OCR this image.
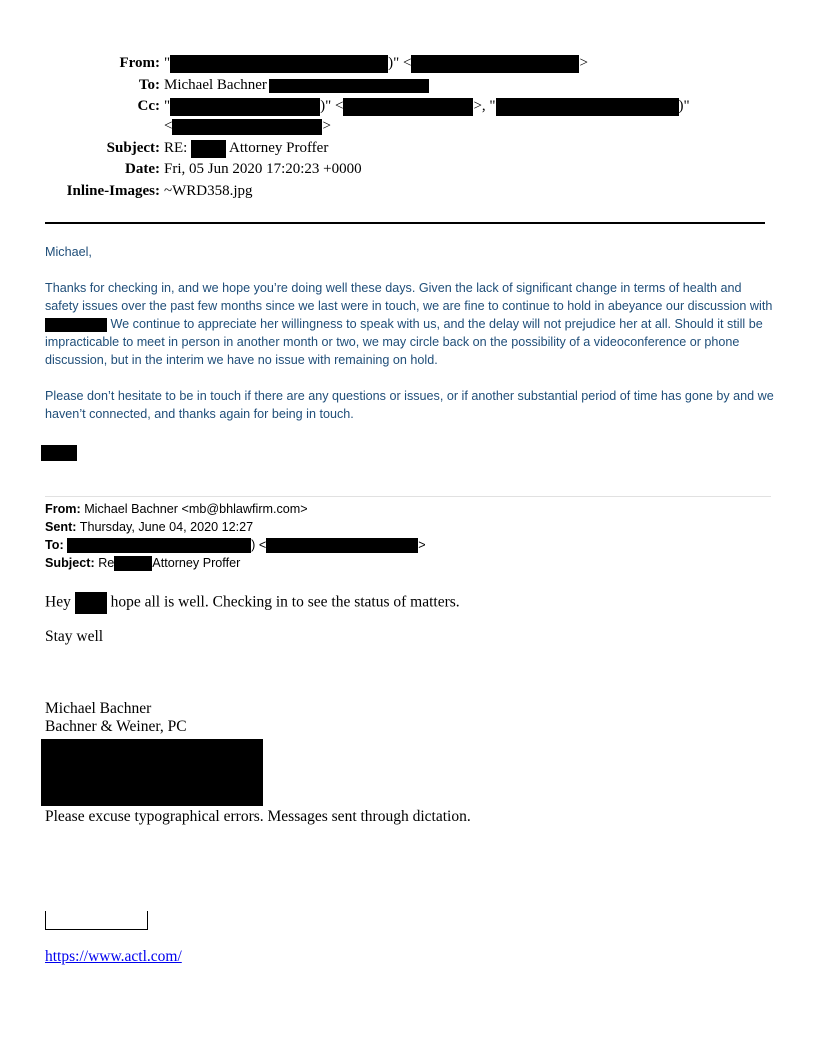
From: "	)" <	>
To: Michael Bachner
Cc: "	)" <	>, "	)"
<	>
Subject: RE:	Attorney Proffer
Date: Fri, 05 Jun 2020 17:20:23 +0000
Inline-Images: ~WRD358.jpg

Michael,

Thanks for checking in, and we hope you’re doing well these days. Given the lack of significant change in terms of health and safety issues over the past few months since we last were in touch, we are fine to continue to hold in abeyance our discussion with  We continue to appreciate her willingness to speak with us, and the delay will not prejudice her at all. Should it still be impracticable to meet in person in another month or two, we may circle back on the possibility of a videoconference or phone discussion, but in the interim we have no issue with remaining on hold.

Please don’t hesitate to be in touch if there are any questions or issues, or if another substantial period of time has gone by and we haven’t connected, and thanks again for being in touch.

From: Michael Bachner <mb@bhlawfirm.com>
Sent: Thursday, June 04, 2020 12:27
To:	) <	>
Subject: Re	Attorney Proffer
Hey	hope all is well. Checking in to see the status of matters.
Stay well
Michael Bachner
Bachner & Weiner, PC
Please excuse typographical errors. Messages sent through dictation.
https://www.actl.com/
